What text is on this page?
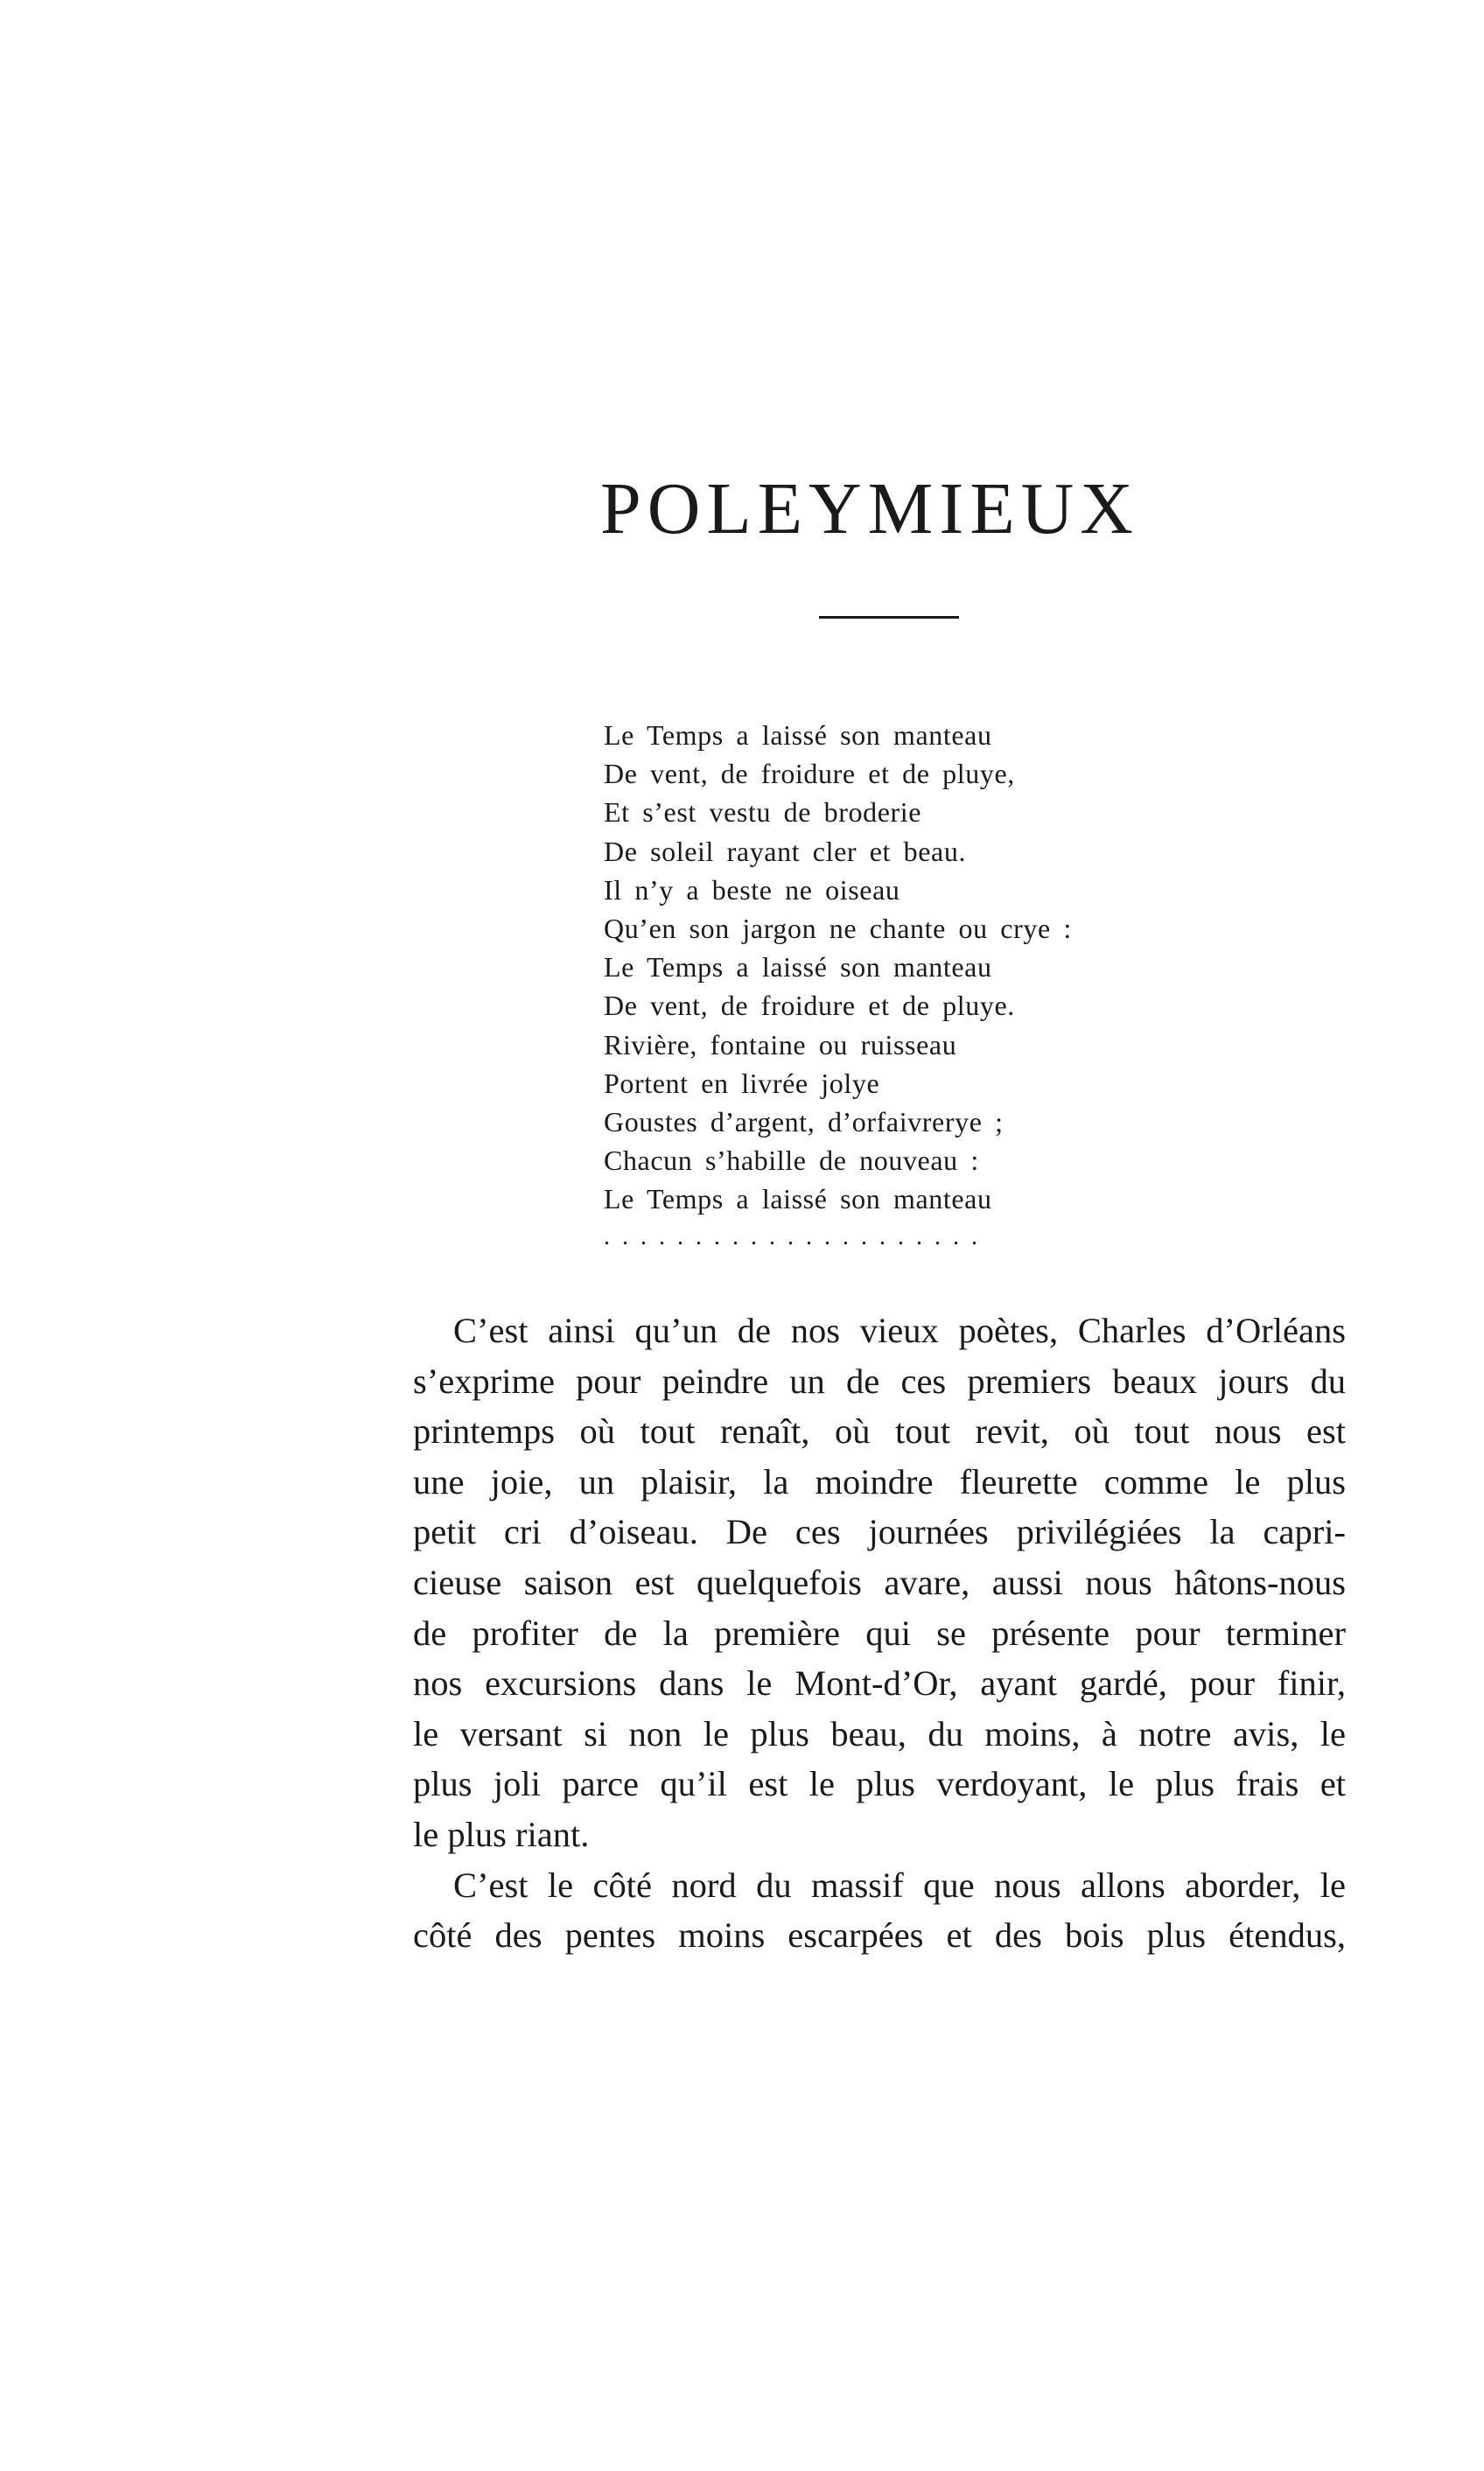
POLEYMIEUX
Le Temps a laissé son manteau
De vent, de froidure et de pluye,
Et s’est vestu de broderie
De soleil rayant cler et beau.
Il n’y a beste ne oiseau
Qu’en son jargon ne chante ou crye :
Le Temps a laissé son manteau
De vent, de froidure et de pluye.
Rivière, fontaine ou ruisseau
Portent en livrée jolye
Goustes d’argent, d’orfaivrerye ;
Chacun s’habille de nouveau :
Le Temps a laissé son manteau
.....................
C’est ainsi qu’un de nos vieux poètes, Charles d’Orléans
s’exprime pour peindre un de ces premiers beaux jours du
printemps où tout renaît, où tout revit, où tout nous est
une joie, un plaisir, la moindre fleurette comme le plus
petit cri d’oiseau. De ces journées privilégiées la capri-
cieuse saison est quelquefois avare, aussi nous hâtons-nous
de profiter de la première qui se présente pour terminer
nos excursions dans le Mont-d’Or, ayant gardé, pour finir,
le versant si non le plus beau, du moins, à notre avis, le
plus joli parce qu’il est le plus verdoyant, le plus frais et
le plus riant.
C’est le côté nord du massif que nous allons aborder, le
côté des pentes moins escarpées et des bois plus étendus,
